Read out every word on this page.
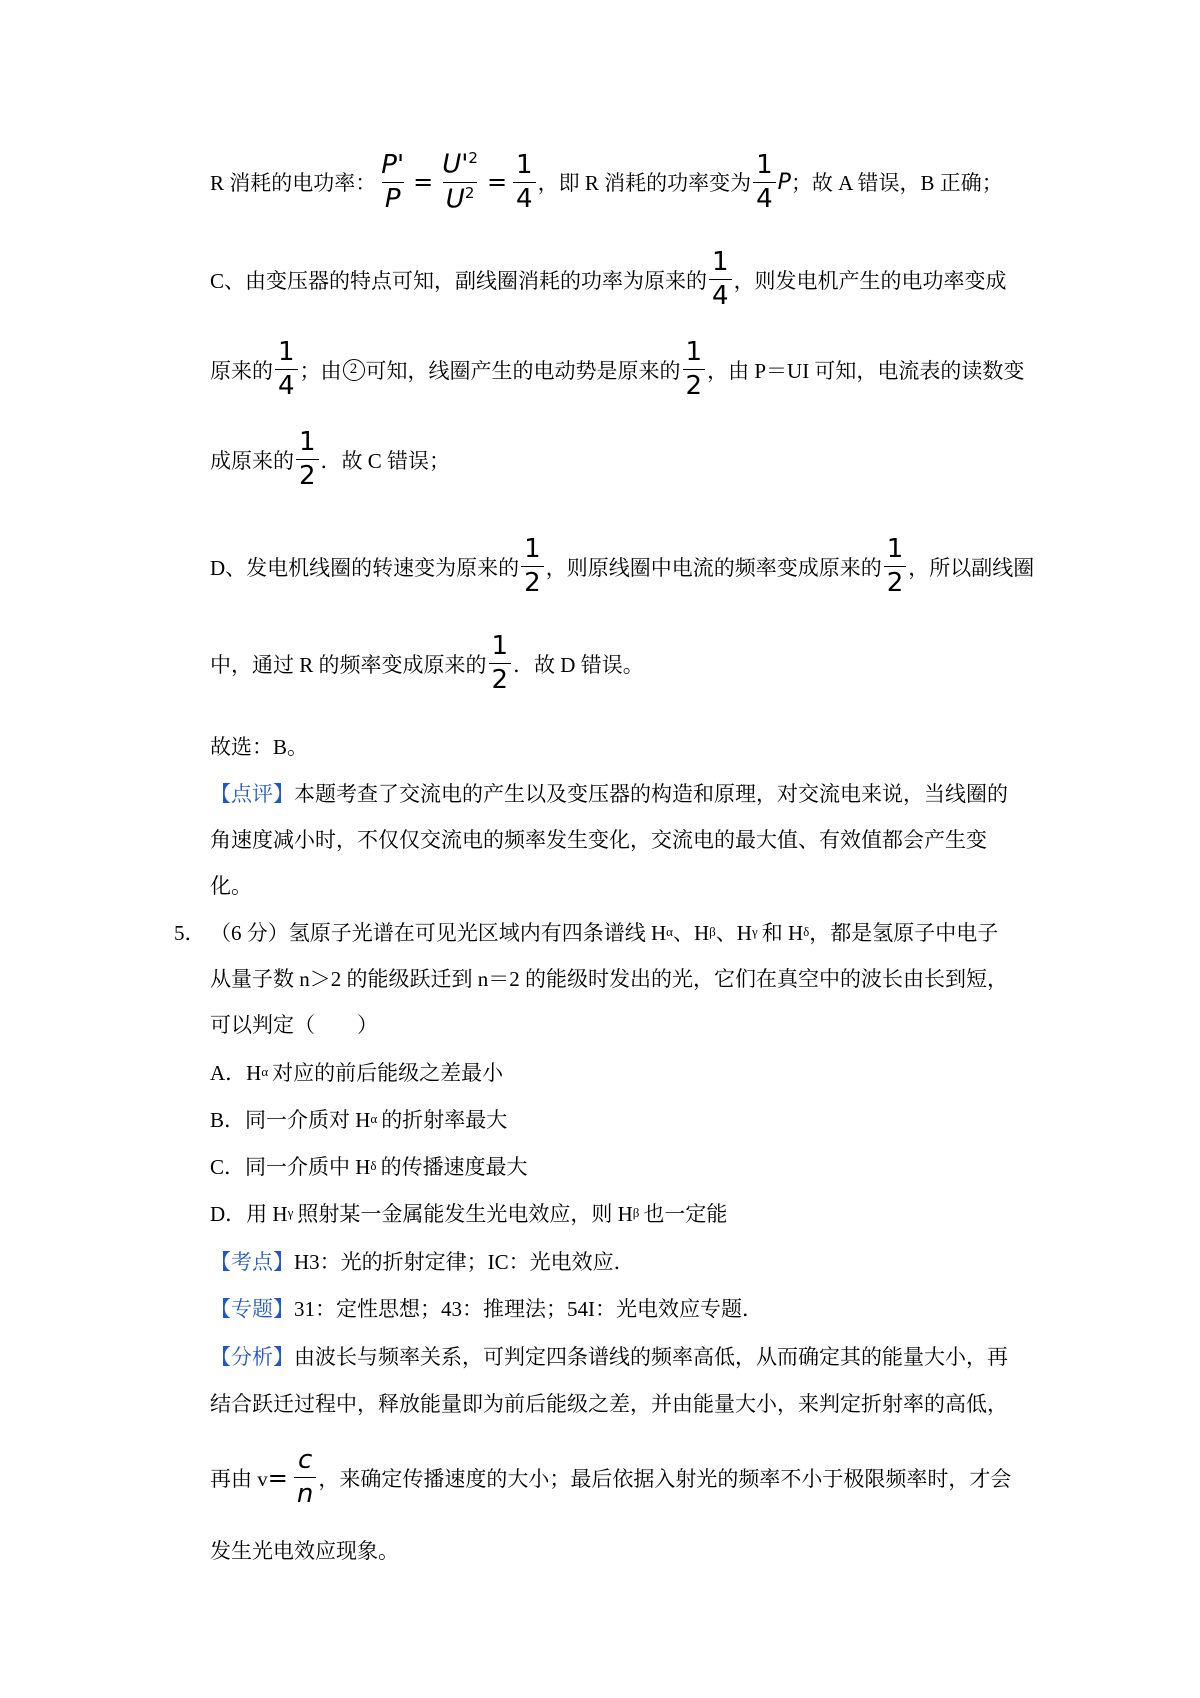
R 消耗的电功率： $\frac{P'}{P} = \frac{U'^2}{U^2} = \frac{1}{4}$ ，即 R 消耗的功率变为 $\frac{1}{4}$ P ；故 A 错误，B 正确；
C、由变压器的特点可知，副线圈消耗的功率为原来的 $\frac{1}{4}$ ，则发电机产生的电功率变成
原来的 $\frac{1}{4}$ ；由 2 可知，线圈产生的电动势是原来的 $\frac{1}{2}$ ，由 P＝UI 可知，电流表的读数变
成原来的 $\frac{1}{2}$ ．故 C 错误；
D、发电机线圈的转速变为原来的 $\frac{1}{2}$ ，则原线圈中电流的频率变成原来的 $\frac{1}{2}$ ，所以副线圈
中，通过 R 的频率变成原来的 $\frac{1}{2}$ ．故 D 错误。
故选：B。
【点评】 本题考查了交流电的产生以及变压器的构造和原理，对交流电来说，当线圈的
角速度减小时，不仅仅交流电的频率发生变化，交流电的最大值、有效值都会产生变
化。
5． （6 分）氢原子光谱在可见光区域内有四条谱线 H α 、H β 、H γ 和 H δ ，都是氢原子中电子
从量子数 n＞2 的能级跃迁到 n＝2 的能级时发出的光，它们在真空中的波长由长到短，
可以判定（　　）
A．H α 对应的前后能级之差最小
B．同一介质对 H α 的折射率最大
C．同一介质中 H δ 的传播速度最大
D．用 H γ 照射某一金属能发生光电效应，则 H β 也一定能
【考点】 H3：光的折射定律；IC：光电效应．
【专题】 31：定性思想；43：推理法；54I：光电效应专题．
【分析】 由波长与频率关系，可判定四条谱线的频率高低，从而确定其的能量大小，再
结合跃迁过程中，释放能量即为前后能级之差，并由能量大小，来判定折射率的高低，
再由 $v = \frac{c}{n}$ ，来确定传播速度的大小；最后依据入射光的频率不小于极限频率时，才会
发生光电效应现象。
